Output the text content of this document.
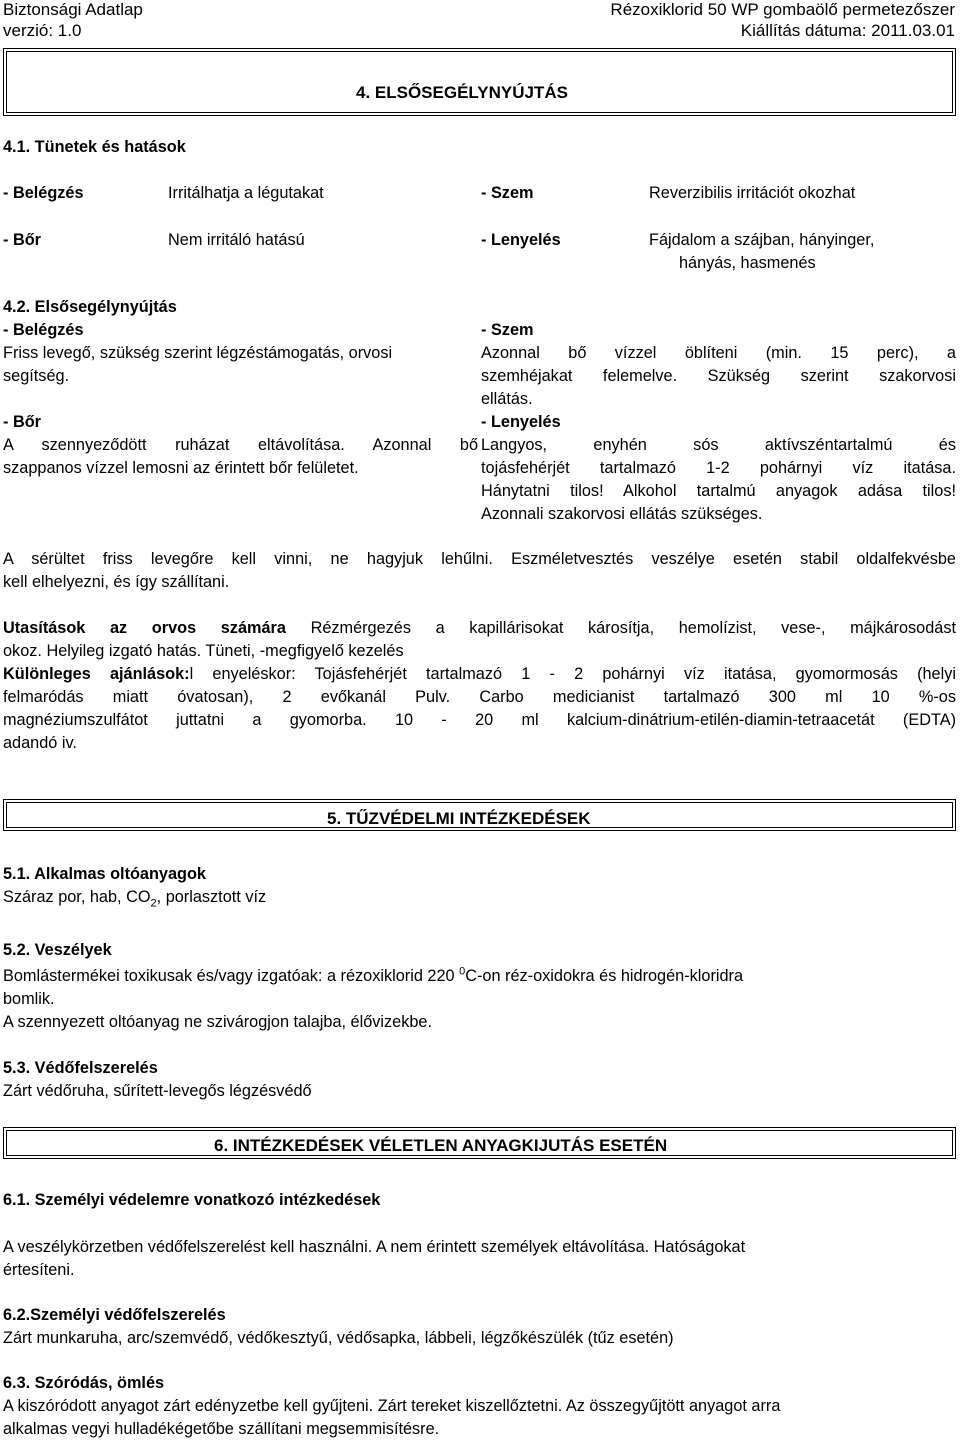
Biztonsági Adatlap
verzió: 1.0
Rézoxiklorid 50 WP gombaölő permetezőszer
Kiállítás dátuma: 2011.03.01
4. ELSŐSEGÉLYNYÚJTÁS
4.1. Tünetek és hatások
- Belégzés	Irritálhatja a légutakat	- Szem	Reverzibilis irritációt okozhat
- Bőr	Nem irritáló hatású	- Lenyelés	Fájdalom a szájban, hányinger,
hányás, hasmenés
4.2. Elsősegélynyújtás
- Belégzés
Friss levegő, szükség szerint légzéstámogatás, orvosi
segítség.
- Bőr
A szennyeződött ruházat eltávolítása. Azonnal bő
szappanos vízzel lemosni az érintett bőr felületet.
- Szem
Azonnal bő vízzel öblíteni (min. 15 perc), a
szemhéjakat felemelve. Szükség szerint szakorvosi
ellátás.
- Lenyelés
Langyos, enyhén sós aktívszéntartalmú és
tojásfehérjét tartalmazó 1-2 pohárnyi víz itatása.
Hánytatni tilos! Alkohol tartalmú anyagok adása tilos!
Azonnali szakorvosi ellátás szükséges.
A sérültet friss levegőre kell vinni, ne hagyjuk lehűlni. Eszméletvesztés veszélye esetén stabil oldalfekvésbe
kell elhelyezni, és így szállítani.
Utasítások az orvos számára Rézmérgezés a kapillárisokat károsítja, hemolízist, vese-, májkárosodást
okoz. Helyileg izgató hatás. Tüneti, -megfigyelő kezelés
Különleges ajánlások:l enyeléskor: Tojásfehérjét tartalmazó 1 - 2 pohárnyi víz itatása, gyomormosás (helyi
felmaródás miatt óvatosan), 2 evőkanál Pulv. Carbo medicianist tartalmazó 300 ml 10 %-os
magnéziumszulfátot juttatni a gyomorba. 10 - 20 ml kalcium-dinátrium-etilén-diamin-tetraacetát (EDTA)
adandó iv.
5. TŰZVÉDELMI INTÉZKEDÉSEK
5.1. Alkalmas oltóanyagok
Száraz por, hab, $CO_2$, porlasztott víz
5.2. Veszélyek
Bomlástermékei toxikusak és/vagy izgatóak: a rézoxiklorid 220 $^0$C-on réz-oxidokra és hidrogén-kloridra
bomlik.
A szennyezett oltóanyag ne szivárogjon talajba, élővizekbe.
5.3. Védőfelszerelés
Zárt védőruha, sűrített-levegős légzésvédő
6. INTÉZKEDÉSEK VÉLETLEN ANYAGKIJUTÁS ESETÉN
6.1. Személyi védelemre vonatkozó intézkedések
A veszélykörzetben védőfelszerelést kell használni. A nem érintett személyek eltávolítása. Hatóságokat
értesíteni.
6.2.Személyi védőfelszerelés
Zárt munkaruha, arc/szemvédő, védőkesztyű, védősapka, lábbeli, légzőkészülék (tűz esetén)
6.3. Szóródás, ömlés
A kiszóródott anyagot zárt edényzetbe kell gyűjteni. Zárt tereket kiszellőztetni. Az összegyűjtött anyagot arra
alkalmas vegyi hulladékégetőbe szállítani megsemmisítésre.
